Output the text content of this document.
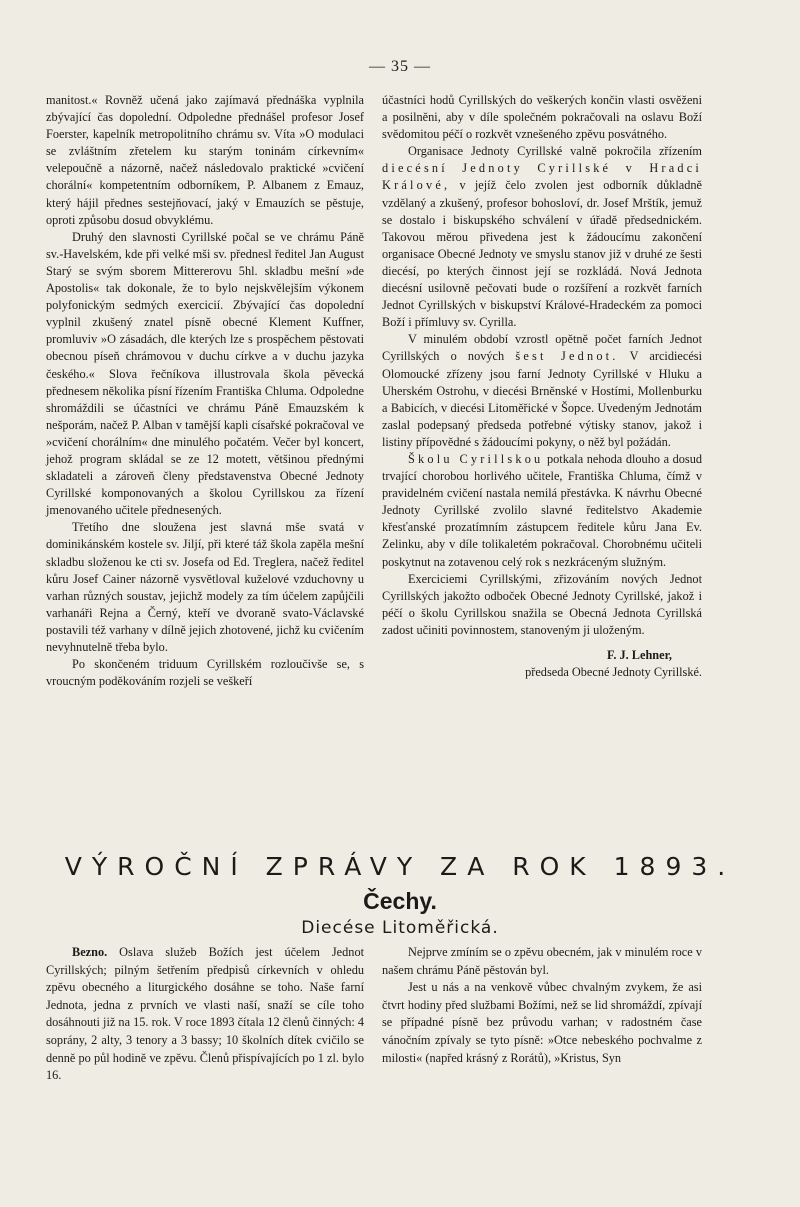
— 35 —

manitost.« Rovněž učená jako zajímavá přednáška vyplnila zbývající čas dopolední. Odpoledne přednášel profesor Josef Foerster, kapelník metropolitního chrámu sv. Víta »O modulaci se zvláštním zřetelem ku starým toninám církevním« velepoučně a názorně, načež následovalo praktické »cvičení chorální« kompetentním odborníkem, P. Albanem z Emauz, který hájil přednes sestejňovací, jaký v Emauzích se pěstuje, oproti způsobu dosud obvyklému.

Druhý den slavnosti Cyrillské počal se ve chrámu Páně sv.-Havelském, kde při velké mši sv. přednesl ředitel Jan August Starý se svým sborem Mittererovu 5hl. skladbu mešní »de Apostolis« tak dokonale, že to bylo nejskvělejším výkonem polyfonickým sedmých exercicií. Zbývající čas dopolední vyplnil zkušený znatel písně obecné Klement Kuffner, promluviv »O zásadách, dle kterých lze s prospěchem pěstovati obecnou píseň chrámovou v duchu církve a v duchu jazyka českého.« Slova řečníkova illustrovala škola pěvecká přednesem několika písní řízením Františka Chluma. Odpoledne shromáždili se účastníci ve chrámu Páně Emauzském k nešporám, načež P. Alban v tamější kapli císařské pokračoval ve »cvičení chorálním« dne minulého počatém. Večer byl koncert, jehož program skládal se ze 12 motett, většinou přednými skladateli a zároveň členy představenstva Obecné Jednoty Cyrillské komponovaných a školou Cyrillskou za řízení jmenovaného učitele přednesených.

Třetího dne sloužena jest slavná mše svatá v dominikánském kostele sv. Jiljí, při které táž škola zapěla mešní skladbu složenou ke cti sv. Josefa od Ed. Treglera, načež ředitel kůru Josef Cainer názorně vysvětloval kuželové vzduchovny u varhan různých soustav, jejichž modely za tím účelem zapůjčili varhanáři Rejna a Černý, kteří ve dvoraně svato-Václavské postavili též varhany v dílně jejich zhotovené, jichž ku cvičením nevyhnutelně třeba bylo.

Po skončeném triduum Cyrillském rozloučivše se, s vroucným poděkováním rozjeli se veškeří

účastníci hodů Cyrillských do veškerých končin vlasti osvěženi a posilněni, aby v díle společném pokračovali na oslavu Boží svědomitou péčí o rozkvět vznešeného zpěvu posvátného.

Organisace Jednoty Cyrillské valně pokročila zřízením diecésní Jednoty Cyrillské v Hradci Králové, v jejíž čelo zvolen jest odborník důkladně vzdělaný a zkušený, profesor bohosloví, dr. Josef Mrštík, jemuž se dostalo i biskupského schválení v úřadě předsednickém. Takovou měrou přivedena jest k žádoucímu zakončení organisace Obecné Jednoty ve smyslu stanov již v druhé ze šesti diecésí, po kterých činnost její se rozkládá. Nová Jednota diecésní usilovně pečovati bude o rozšíření a rozkvět farních Jednot Cyrillských v biskupství Králové-Hradeckém za pomoci Boží i přímluvy sv. Cyrilla.

V minulém období vzrostl opětně počet farních Jednot Cyrillských o nových šest Jednot. V arcidiecési Olomoucké zřízeny jsou farní Jednoty Cyrillské v Hluku a Uherském Ostrohu, v diecési Brněnské v Hostími, Mollenburku a Babicích, v diecési Litoměřické v Šopce. Uvedeným Jednotám zaslal podepsaný předseda potřebné výtisky stanov, jakož i listiny přípovědné s žádoucími pokyny, o něž byl požádán.

Školu Cyrillskou potkala nehoda dlouho a dosud trvající chorobou horlivého učitele, Františka Chluma, čímž v pravidelném cvičení nastala nemilá přestávka. K návrhu Obecné Jednoty Cyrillské zvolilo slavné ředitelstvo Akademie křesťanské prozatímním zástupcem ředitele kůru Jana Ev. Zelinku, aby v díle tolikaletém pokračoval. Chorobnému učiteli poskytnut na zotavenou celý rok s nezkráceným služným.

Exerciciemi Cyrillskými, zřizováním nových Jednot Cyrillských jakožto odboček Obecné Jednoty Cyrillské, jakož i péčí o školu Cyrillskou snažila se Obecná Jednota Cyrillská zadost učiniti povinnostem, stanoveným ji uloženým.

F. J. Lehner,

předseda Obecné Jednoty Cyrillské.

VÝROČNÍ ZPRÁVY ZA ROK 1893.
Čechy.
Diecése Litoměřická.

Bezno. Oslava služeb Božích jest účelem Jednot Cyrillských; pilným šetřením předpisů církevních v ohledu zpěvu obecného a liturgického dosáhne se toho. Naše farní Jednota, jedna z prvních ve vlasti naší, snaží se cíle toho dosáhnouti již na 15. rok. V roce 1893 čítala 12 členů činných: 4 soprány, 2 alty, 3 tenory a 3 bassy; 10 školních dítek cvičilo se denně po půl hodině ve zpěvu. Členů přispívajících po 1 zl. bylo 16.

Nejprve zmíním se o zpěvu obecném, jak v minulém roce v našem chrámu Páně pěstován byl.

Jest u nás a na venkově vůbec chvalným zvykem, že asi čtvrt hodiny před službami Božími, než se lid shromáždí, zpívají se případné písně bez průvodu varhan; v radostném čase vánočním zpívaly se tyto písně: »Otce nebeského pochvalme z milosti« (napřed krásný z Rorátů), »Kristus, Syn
